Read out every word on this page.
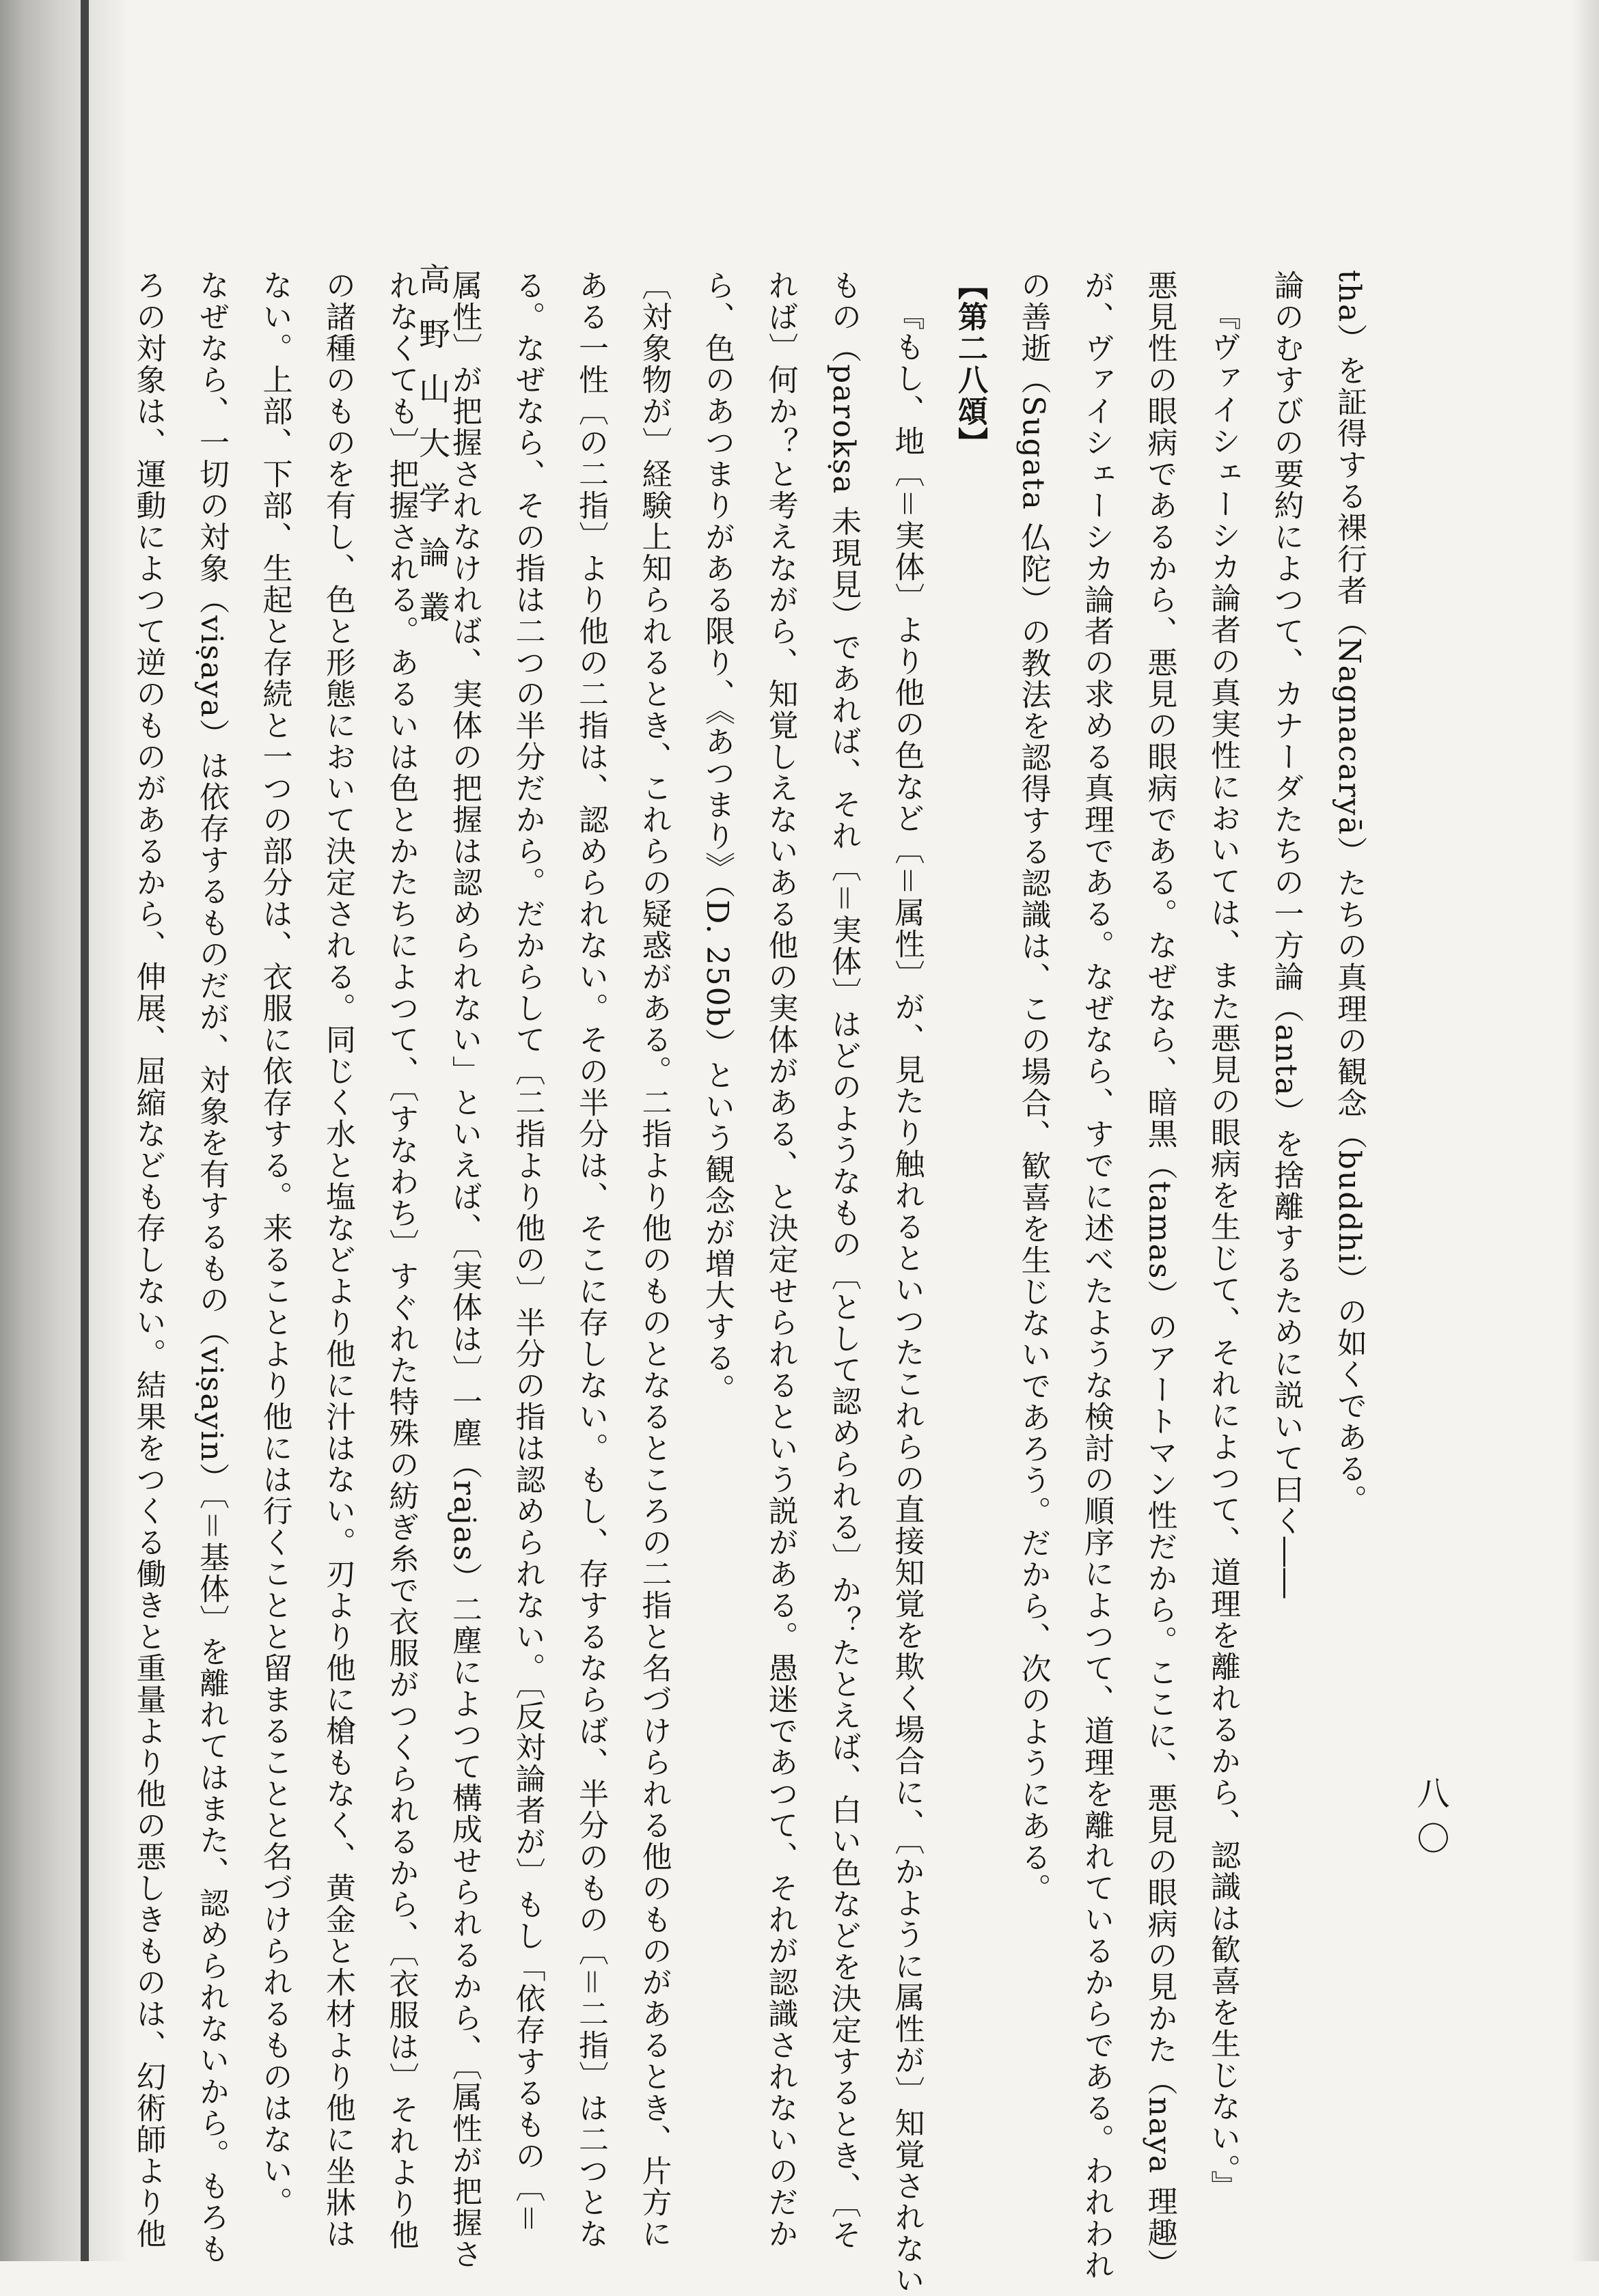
高野山大学論叢
八〇
tha）を証得する裸行者（Nagnacaryā）たちの真理の観念（buddhi）の如くである。
論のむすびの要約によつて、カナーダたちの一方論（anta）を捨離するために説いて曰く――
『ヴァイシェーシカ論者の真実性においては、また悪見の眼病を生じて、それによつて、道理を離れるから、認識は歓喜を生じない。』
悪見性の眼病であるから、悪見の眼病である。なぜなら、暗黒（tamas）のアートマン性だから。ここに、悪見の眼病の見かた（naya 理趣）
が、ヴァイシェーシカ論者の求める真理である。なぜなら、すでに述べたような検討の順序によつて、道理を離れているからである。われわれ
の善逝（Sugata 仏陀）の教法を認得する認識は、この場合、歓喜を生じないであろう。だから、次のようにある。
【第二八頌】
『もし、地〔＝実体〕より他の色など〔＝属性〕が、見たり触れるといつたこれらの直接知覚を欺く場合に、〔かように属性が〕知覚されない
もの（parokṣa 未現見）であれば、それ〔＝実体〕はどのようなもの〔として認められる〕か？たとえば、白い色などを決定するとき、〔そ
れば〕何か？と考えながら、知覚しえないある他の実体がある、と決定せられるという説がある。愚迷であつて、それが認識されないのだか
ら、色のあつまりがある限り、《あつまり》（D. 250b）という観念が増大する。
〔対象物が〕経験上知られるとき、これらの疑惑がある。二指より他のものとなるところの二指と名づけられる他のものがあるとき、片方に
ある一性〔の二指〕より他の二指は、認められない。その半分は、そこに存しない。もし、存するならば、半分のもの〔＝二指〕は二つとな
る。なぜなら、その指は二つの半分だから。だからして〔二指より他の〕半分の指は認められない。〔反対論者が〕もし「依存するもの〔＝
属性〕が把握されなければ、実体の把握は認められない」といえば、〔実体は〕一塵（rajas）二塵によつて構成せられるから、〔属性が把握さ
れなくても〕把握される。あるいは色とかたちによつて、〔すなわち〕すぐれた特殊の紡ぎ糸で衣服がつくられるから、〔衣服は〕それより他
の諸種のものを有し、色と形態において決定される。同じく水と塩などより他に汁はない。刃より他に槍もなく、黄金と木材より他に坐牀は
ない。上部、下部、生起と存続と一つの部分は、衣服に依存する。来ることより他には行くことと留まることと名づけられるものはない。
なぜなら、一切の対象（viṣaya）は依存するものだが、対象を有するもの（viṣayin）〔＝基体〕を離れてはまた、認められないから。もろも
ろの対象は、運動によつて逆のものがあるから、伸展、屈縮なども存しない。結果をつくる働きと重量より他の悪しきものは、幻術師より他
